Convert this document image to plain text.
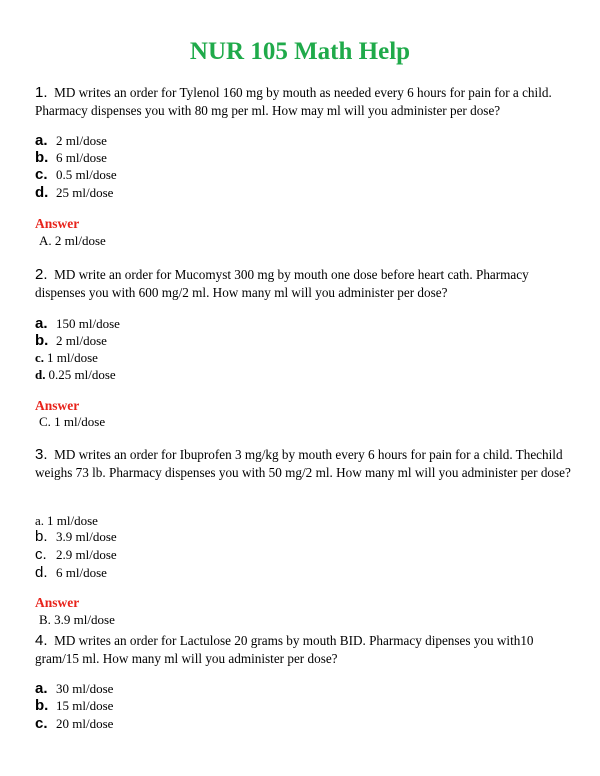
NUR 105 Math Help
1. MD writes an order for Tylenol 160 mg by mouth as needed every 6 hours for pain for a child. Pharmacy dispenses you with 80 mg per ml. How may ml will you administer per dose?
a. 2 ml/dose
b. 6 ml/dose
c. 0.5 ml/dose
d. 25 ml/dose
Answer
A. 2 ml/dose
2. MD write an order for Mucomyst 300 mg by mouth one dose before heart cath. Pharmacy dispenses you with 600 mg/2 ml. How many ml will you administer per dose?
a. 150 ml/dose
b. 2 ml/dose
c. 1 ml/dose
d. 0.25 ml/dose
Answer
C. 1 ml/dose
3. MD writes an order for Ibuprofen 3 mg/kg by mouth every 6 hours for pain for a child. Thechild weighs 73 lb. Pharmacy dispenses you with 50 mg/2 ml. How many ml will you administer per dose?
a. 1 ml/dose
b. 3.9 ml/dose
c. 2.9 ml/dose
d. 6 ml/dose
Answer
B. 3.9 ml/dose
4. MD writes an order for Lactulose 20 grams by mouth BID. Pharmacy dipenses you with10 gram/15 ml. How many ml will you administer per dose?
a. 30 ml/dose
b. 15 ml/dose
c. 20 ml/dose
